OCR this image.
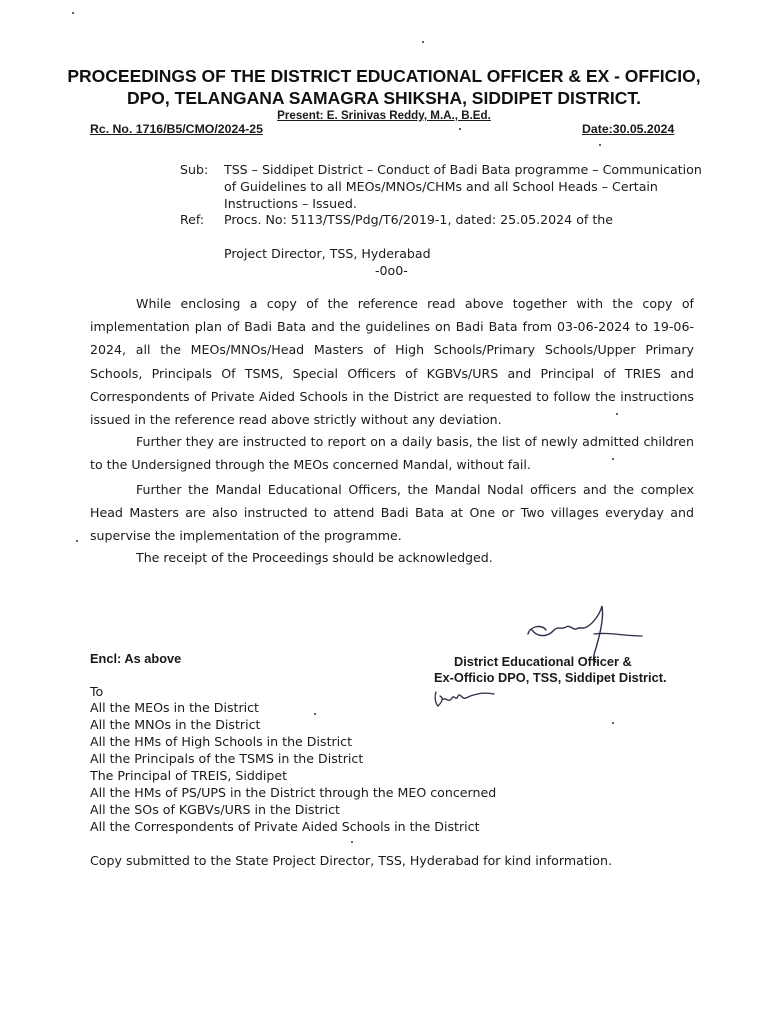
PROCEEDINGS OF THE DISTRICT EDUCATIONAL OFFICER & EX - OFFICIO,
DPO, TELANGANA SAMAGRA SHIKSHA, SIDDIPET DISTRICT.
Present: E. Srinivas Reddy, M.A., B.Ed.
Rc. No. 1716/B5/CMO/2024-25	Date:30.05.2024
Sub: TSS – Siddipet District – Conduct of Badi Bata programme – Communication
of Guidelines to all MEOs/MNOs/CHMs and all School Heads – Certain
Instructions – Issued.
Ref: Procs. No: 5113/TSS/Pdg/T6/2019-1, dated: 25.05.2024 of the
Project Director, TSS, Hyderabad
-0o0-
While enclosing a copy of the reference read above together with the copy of implementation plan of Badi Bata and the guidelines on Badi Bata from 03-06-2024 to 19-06-2024, all the MEOs/MNOs/Head Masters of High Schools/Primary Schools/Upper Primary Schools, Principals Of TSMS, Special Officers of KGBVs/URS and Principal of TRIES and Correspondents of Private Aided Schools in the District are requested to follow the instructions issued in the reference read above strictly without any deviation.
Further they are instructed to report on a daily basis, the list of newly admitted children to the Undersigned through the MEOs concerned Mandal, without fail.
Further the Mandal Educational Officers, the Mandal Nodal officers and the complex Head Masters are also instructed to attend Badi Bata at One or Two villages everyday and supervise the implementation of the programme.
The receipt of the Proceedings should be acknowledged.
Encl: As above	District Educational Officer &
Ex-Officio DPO, TSS, Siddipet District.
To
All the MEOs in the District
All the MNOs in the District
All the HMs of High Schools in the District
All the Principals of the TSMS in the District
The Principal of TREIS, Siddipet
All the HMs of PS/UPS in the District through the MEO concerned
All the SOs of KGBVs/URS in the District
All the Correspondents of Private Aided Schools in the District
Copy submitted to the State Project Director, TSS, Hyderabad for kind information.
